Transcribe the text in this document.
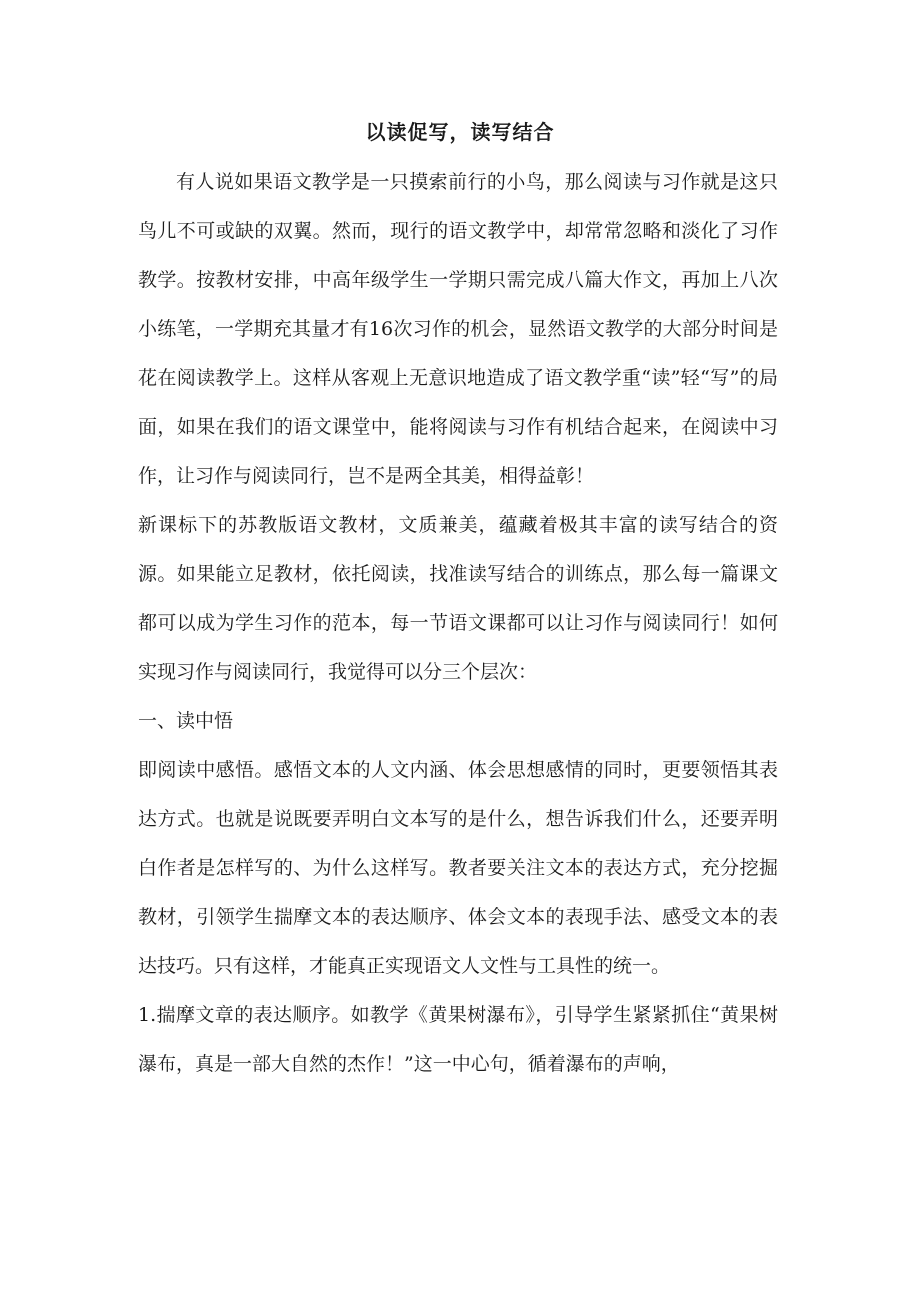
以读促写，读写结合

有人说如果语文教学是一只摸索前行的小鸟，那么阅读与习作就是这只鸟儿不可或缺的双翼。然而，现行的语文教学中，却常常忽略和淡化了习作教学。按教材安排，中高年级学生一学期只需完成八篇大作文，再加上八次小练笔，一学期充其量才有16次习作的机会，显然语文教学的大部分时间是花在阅读教学上。这样从客观上无意识地造成了语文教学重“读”轻“写”的局面，如果在我们的语文课堂中，能将阅读与习作有机结合起来，在阅读中习作，让习作与阅读同行，岂不是两全其美，相得益彰！

新课标下的苏教版语文教材，文质兼美，蕴藏着极其丰富的读写结合的资源。如果能立足教材，依托阅读，找准读写结合的训练点，那么每一篇课文都可以成为学生习作的范本，每一节语文课都可以让习作与阅读同行！如何实现习作与阅读同行，我觉得可以分三个层次：

一、读中悟

即阅读中感悟。感悟文本的人文内涵、体会思想感情的同时，更要领悟其表达方式。也就是说既要弄明白文本写的是什么，想告诉我们什么，还要弄明白作者是怎样写的、为什么这样写。教者要关注文本的表达方式，充分挖掘教材，引领学生揣摩文本的表达顺序、体会文本的表现手法、感受文本的表达技巧。只有这样，才能真正实现语文人文性与工具性的统一。

1.揣摩文章的表达顺序。如教学《黄果树瀑布》，引导学生紧紧抓住“黄果树瀑布，真是一部大自然的杰作！”这一中心句，循着瀑布的声响，
